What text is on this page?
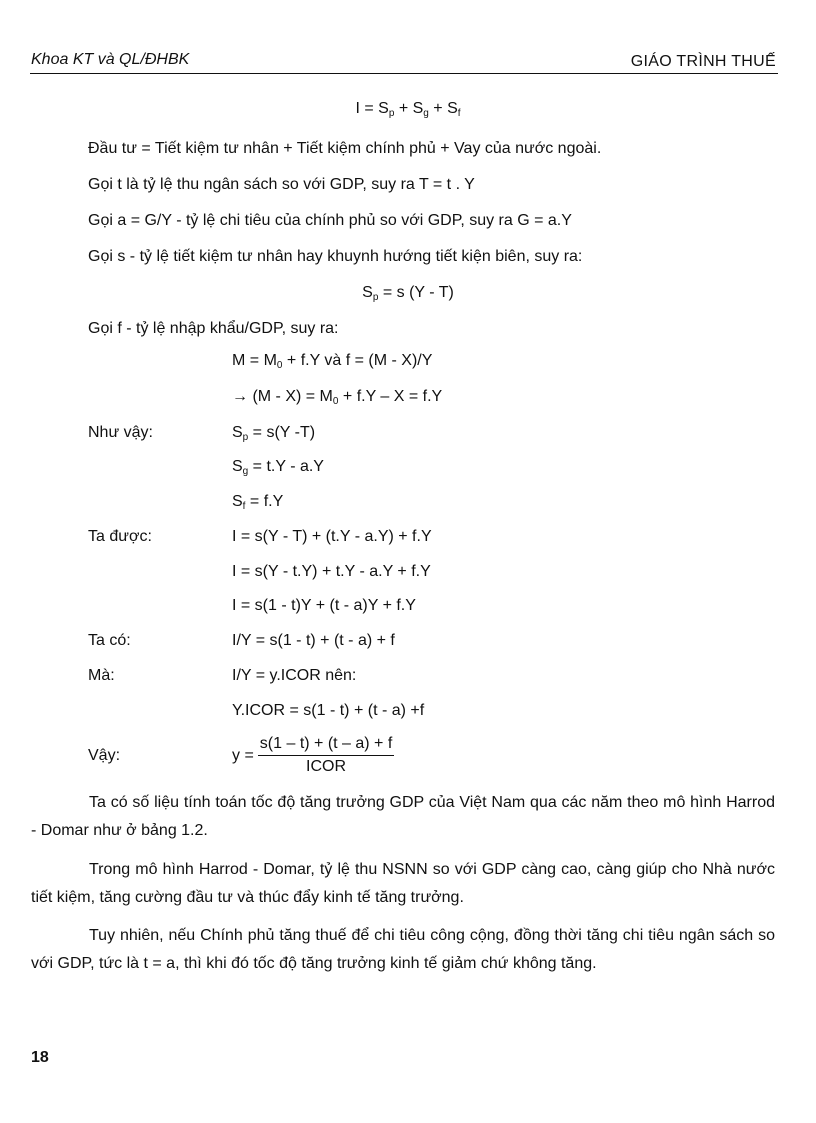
Khoa KT và QL/ĐHBK	GIÁO TRÌNH THUẾ
$I = S_p + S_g + S_f$
Đầu tư = Tiết kiệm tư nhân + Tiết kiệm chính phủ + Vay của nước ngoài.
Gọi t là tỷ lệ thu ngân sách so với GDP, suy ra T = t . Y
Gọi a = G/Y - tỷ lệ chi tiêu của chính phủ so với GDP, suy ra G = a.Y
Gọi s - tỷ lệ tiết kiệm tư nhân hay khuynh hướng tiết kiện biên, suy ra:
$S_p = s$ (Y - T)
Gọi f - tỷ lệ nhập khẩu/GDP, suy ra:
$M = M_0 + f.Y$ và f = (M - X)/Y
→ $(M - X) = M_0 + f.Y - X = f.Y$
Như vậy:	$S_p = s(Y$ -T)
$S_g = t.Y - a.Y$
$S_f = f.Y$
Ta được:	I = s(Y - T) + (t.Y - a.Y) + f.Y
I = s(Y - t.Y) + t.Y - a.Y + f.Y
I = s(1 - t)Y + (t - a)Y + f.Y
Ta có:	I/Y = s(1 - t) + (t - a) + f
Mà:	I/Y = y.ICOR nên:
Y.ICOR = s(1 - t) + (t - a) +f
Vậy:	$y = \frac{s(1 - t) + (t - a) + f}{\text{ICOR}}$
Ta có số liệu tính toán tốc độ tăng trưởng GDP của Việt Nam qua các năm theo mô hình Harrod - Domar như ở bảng 1.2.
Trong mô hình Harrod - Domar, tỷ lệ thu NSNN so với GDP càng cao, càng giúp cho Nhà nước tiết kiệm, tăng cường đầu tư và thúc đẩy kinh tế tăng trưởng.
Tuy nhiên, nếu Chính phủ tăng thuế để chi tiêu công cộng, đồng thời tăng chi tiêu ngân sách so với GDP, tức là t = a, thì khi đó tốc độ tăng trưởng kinh tế giảm chứ không tăng.
18
